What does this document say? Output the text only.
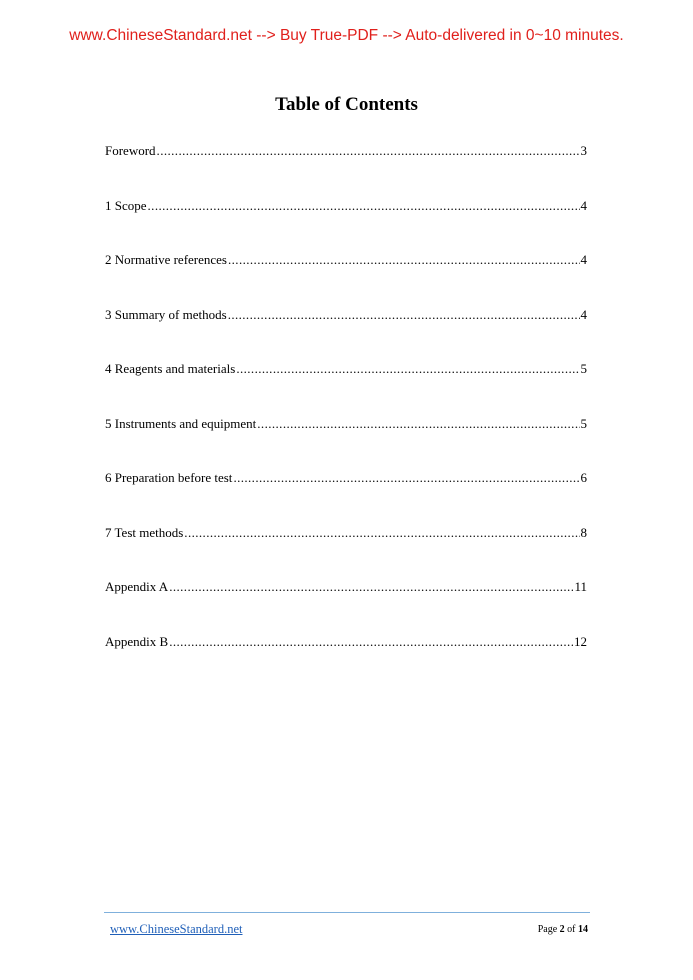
www.ChineseStandard.net --> Buy True-PDF --> Auto-delivered in 0~10 minutes.
Table of Contents
Foreword .....	3
1 Scope .....	4
2 Normative references .....	4
3 Summary of methods .....	4
4 Reagents and materials .....	5
5 Instruments and equipment .....	5
6 Preparation before test .....	6
7 Test methods .....	8
Appendix A .....	11
Appendix B .....	12
www.ChineseStandard.net	Page 2 of 14
